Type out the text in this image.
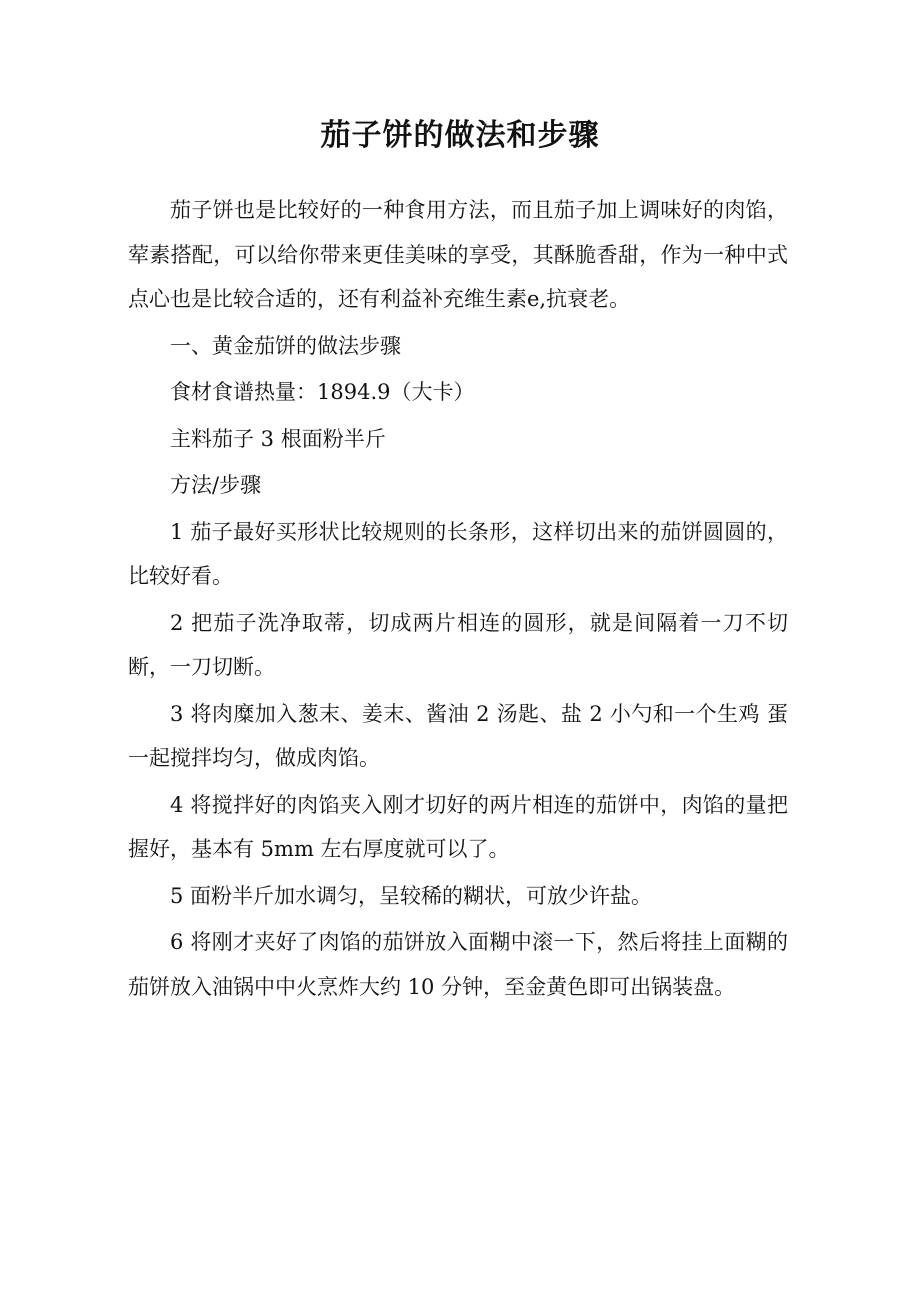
茄子饼的做法和步骤

茄子饼也是比较好的一种食用方法，而且茄子加上调味好的肉馅，荤素搭配，可以给你带来更佳美味的享受，其酥脆香甜，作为一种中式点心也是比较合适的，还有利益补充维生素e,抗衰老。

一、黄金茄饼的做法步骤

食材食谱热量：1894.9（大卡）

主料茄子 3 根面粉半斤

方法/步骤

1 茄子最好买形状比较规则的长条形，这样切出来的茄饼圆圆的，比较好看。

2 把茄子洗净取蒂，切成两片相连的圆形，就是间隔着一刀不切断，一刀切断。

3 将肉糜加入葱末、姜末、酱油 2 汤匙、盐 2 小勺和一个生鸡 蛋一起搅拌均匀，做成肉馅。

4 将搅拌好的肉馅夹入刚才切好的两片相连的茄饼中，肉馅的量把握好，基本有 5mm 左右厚度就可以了。

5 面粉半斤加水调匀，呈较稀的糊状，可放少许盐。

6 将刚才夹好了肉馅的茄饼放入面糊中滚一下，然后将挂上面糊的茄饼放入油锅中中火烹炸大约 10 分钟，至金黄色即可出锅装盘。
